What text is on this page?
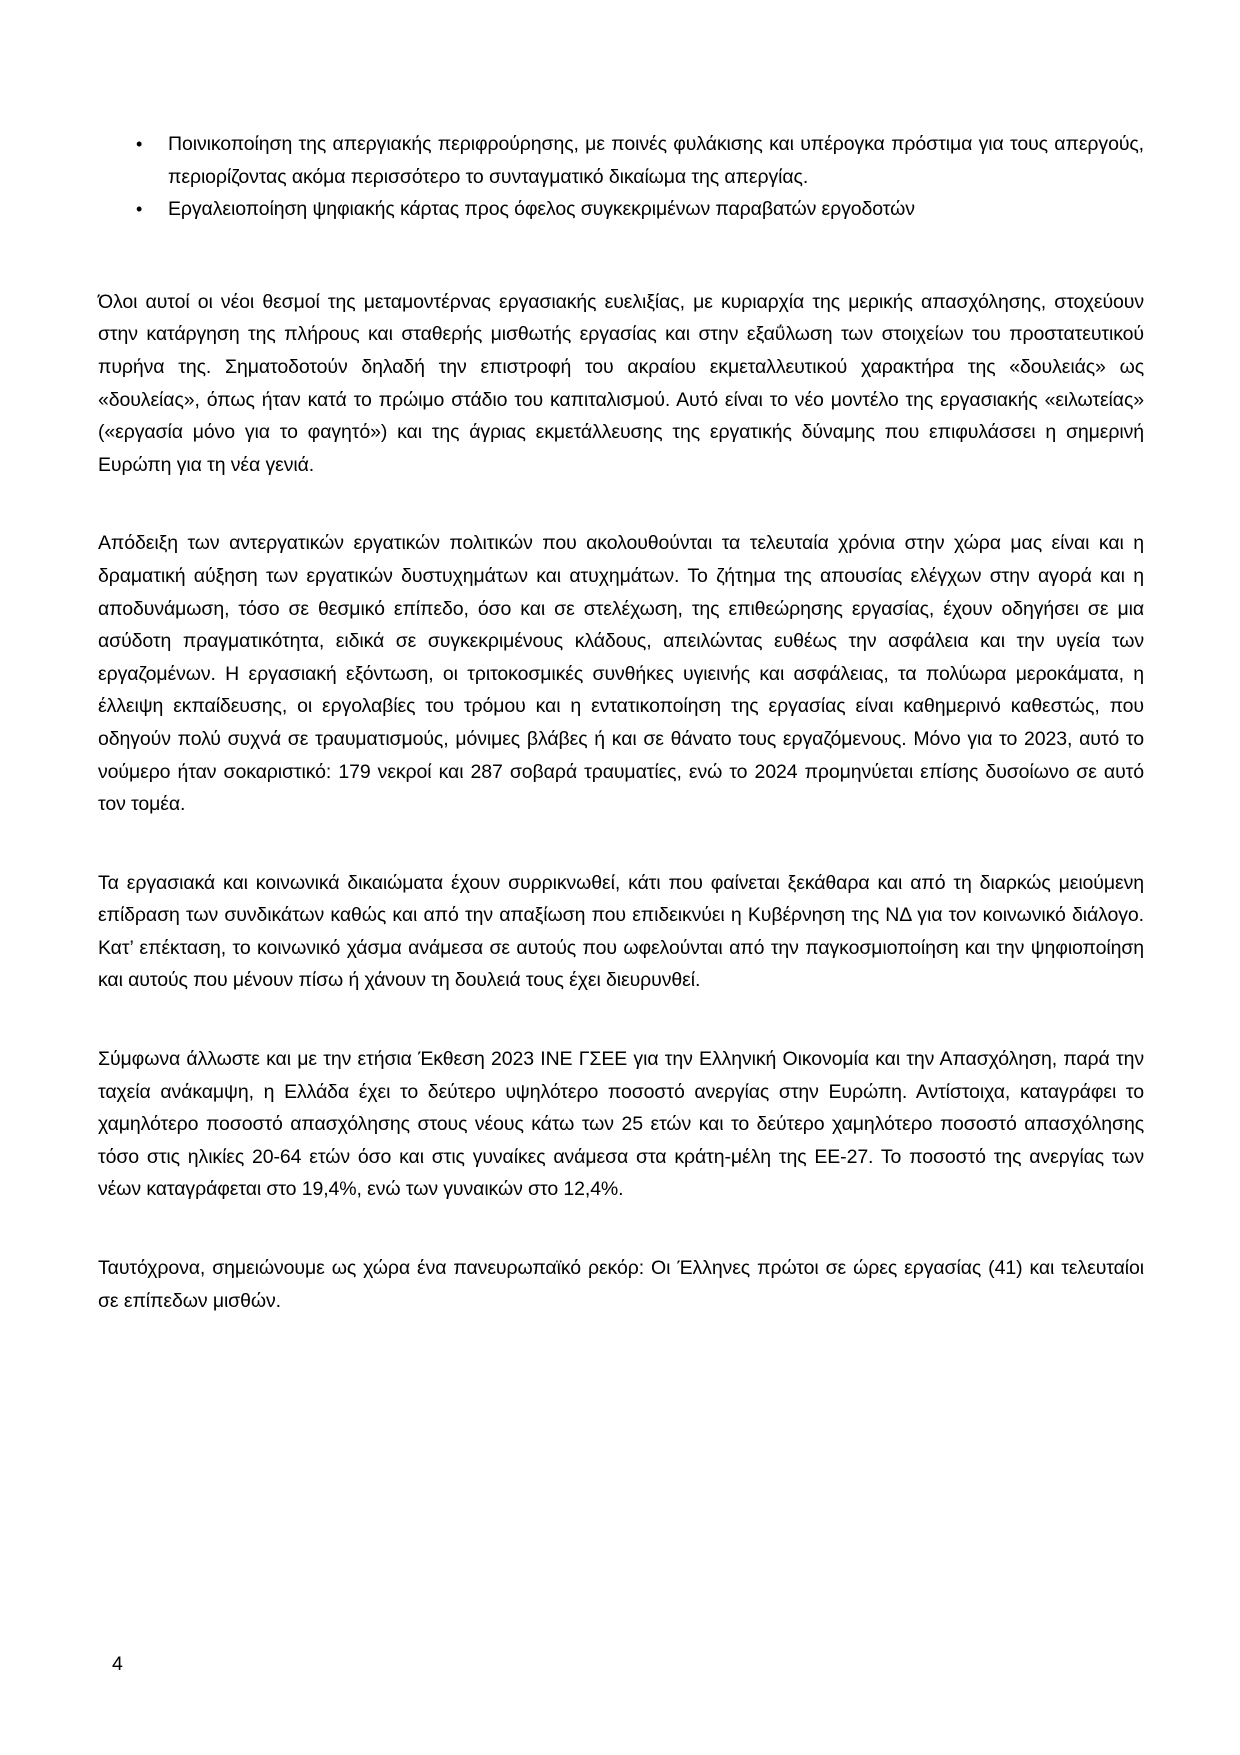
• Ποινικοποίηση της απεργιακής περιφρούρησης, με ποινές φυλάκισης και υπέρογκα πρόστιμα για τους απεργούς, περιορίζοντας ακόμα περισσότερο το συνταγματικό δικαίωμα της απεργίας.
• Εργαλειοποίηση ψηφιακής κάρτας προς όφελος συγκεκριμένων παραβατών εργοδοτών

Όλοι αυτοί οι νέοι θεσμοί της μεταμοντέρνας εργασιακής ευελιξίας, με κυριαρχία της μερικής απασχόλησης, στοχεύουν στην κατάργηση της πλήρους και σταθερής μισθωτής εργασίας και στην εξαΰλωση των στοιχείων του προστατευτικού πυρήνα της. Σηματοδοτούν δηλαδή την επιστροφή του ακραίου εκμεταλλευτικού χαρακτήρα της «δουλειάς» ως «δουλείας», όπως ήταν κατά το πρώιμο στάδιο του καπιταλισμού. Αυτό είναι το νέο μοντέλο της εργασιακής «ειλωτείας» («εργασία μόνο για το φαγητό») και της άγριας εκμετάλλευσης της εργατικής δύναμης που επιφυλάσσει η σημερινή Ευρώπη για τη νέα γενιά.

Απόδειξη των αντεργατικών εργατικών πολιτικών που ακολουθούνται τα τελευταία χρόνια στην χώρα μας είναι και η δραματική αύξηση των εργατικών δυστυχημάτων και ατυχημάτων. Το ζήτημα της απουσίας ελέγχων στην αγορά και η αποδυνάμωση, τόσο σε θεσμικό επίπεδο, όσο και σε στελέχωση, της επιθεώρησης εργασίας, έχουν οδηγήσει σε μια ασύδοτη πραγματικότητα, ειδικά σε συγκεκριμένους κλάδους, απειλώντας ευθέως την ασφάλεια και την υγεία των εργαζομένων. Η εργασιακή εξόντωση, οι τριτοκοσμικές συνθήκες υγιεινής και ασφάλειας, τα πολύωρα μεροκάματα, η έλλειψη εκπαίδευσης, οι εργολαβίες του τρόμου και η εντατικοποίηση της εργασίας είναι καθημερινό καθεστώς, που οδηγούν πολύ συχνά σε τραυματισμούς, μόνιμες βλάβες ή και σε θάνατο τους εργαζόμενους. Μόνο για το 2023, αυτό το νούμερο ήταν σοκαριστικό: 179 νεκροί και 287 σοβαρά τραυματίες, ενώ το 2024 προμηνύεται επίσης δυσοίωνο σε αυτό τον τομέα.

Τα εργασιακά και κοινωνικά δικαιώματα έχουν συρρικνωθεί, κάτι που φαίνεται ξεκάθαρα και από τη διαρκώς μειούμενη επίδραση των συνδικάτων καθώς και από την απαξίωση που επιδεικνύει η Κυβέρνηση της ΝΔ για τον κοινωνικό διάλογο. Κατ’ επέκταση, το κοινωνικό χάσμα ανάμεσα σε αυτούς που ωφελούνται από την παγκοσμιοποίηση και την ψηφιοποίηση και αυτούς που μένουν πίσω ή χάνουν τη δουλειά τους έχει διευρυνθεί.

Σύμφωνα άλλωστε και με την ετήσια Έκθεση 2023 ΙΝΕ ΓΣΕΕ για την Ελληνική Οικονομία και την Απασχόληση, παρά την ταχεία ανάκαμψη, η Ελλάδα έχει το δεύτερο υψηλότερο ποσοστό ανεργίας στην Ευρώπη. Αντίστοιχα, καταγράφει το χαμηλότερο ποσοστό απασχόλησης στους νέους κάτω των 25 ετών και το δεύτερο χαμηλότερο ποσοστό απασχόλησης τόσο στις ηλικίες 20-64 ετών όσο και στις γυναίκες ανάμεσα στα κράτη-μέλη της ΕΕ-27. Το ποσοστό της ανεργίας των νέων καταγράφεται στο 19,4%, ενώ των γυναικών στο 12,4%.

Ταυτόχρονα, σημειώνουμε ως χώρα ένα πανευρωπαϊκό ρεκόρ: Οι Έλληνες πρώτοι σε ώρες εργασίας (41) και τελευταίοι σε επίπεδων μισθών.

4
